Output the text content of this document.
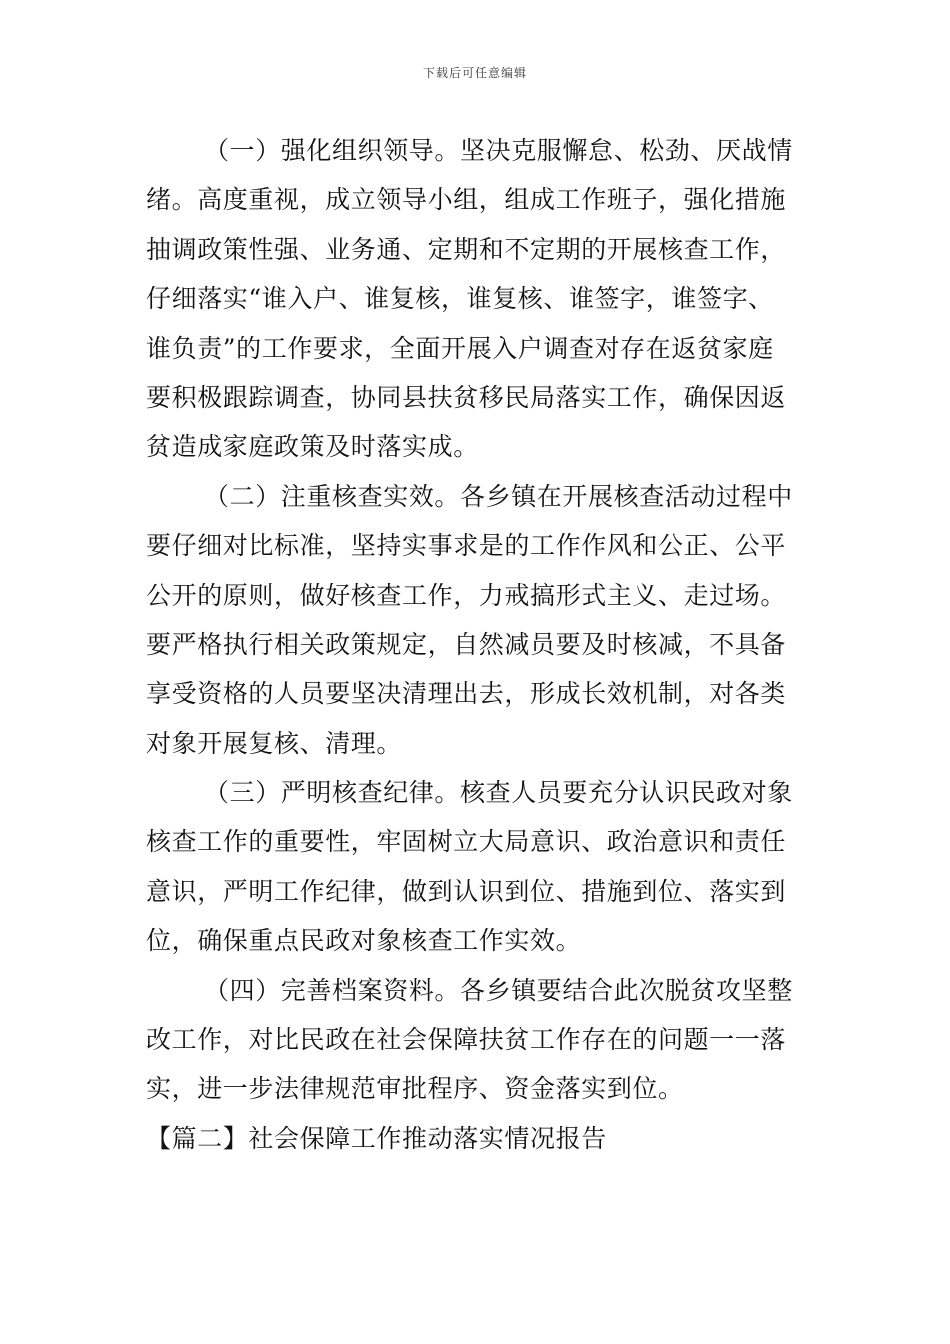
下载后可任意编辑
（一）强化组织领导。坚决克服懈怠、松劲、厌战情
绪。高度重视，成立领导小组，组成工作班子，强化措施
抽调政策性强、业务通、定期和不定期的开展核查工作，
仔细落实“谁入户、谁复核，谁复核、谁签字，谁签字、
谁负责”的工作要求，全面开展入户调查对存在返贫家庭
要积极跟踪调查，协同县扶贫移民局落实工作，确保因返
贫造成家庭政策及时落实成。
（二）注重核查实效。各乡镇在开展核查活动过程中
要仔细对比标准，坚持实事求是的工作作风和公正、公平
公开的原则，做好核查工作，力戒搞形式主义、走过场。
要严格执行相关政策规定，自然减员要及时核减，不具备
享受资格的人员要坚决清理出去，形成长效机制，对各类
对象开展复核、清理。
（三）严明核查纪律。核查人员要充分认识民政对象
核查工作的重要性，牢固树立大局意识、政治意识和责任
意识，严明工作纪律，做到认识到位、措施到位、落实到
位，确保重点民政对象核查工作实效。
（四）完善档案资料。各乡镇要结合此次脱贫攻坚整
改工作，对比民政在社会保障扶贫工作存在的问题一一落
实，进一步法律规范审批程序、资金落实到位。
【篇二】社会保障工作推动落实情况报告
